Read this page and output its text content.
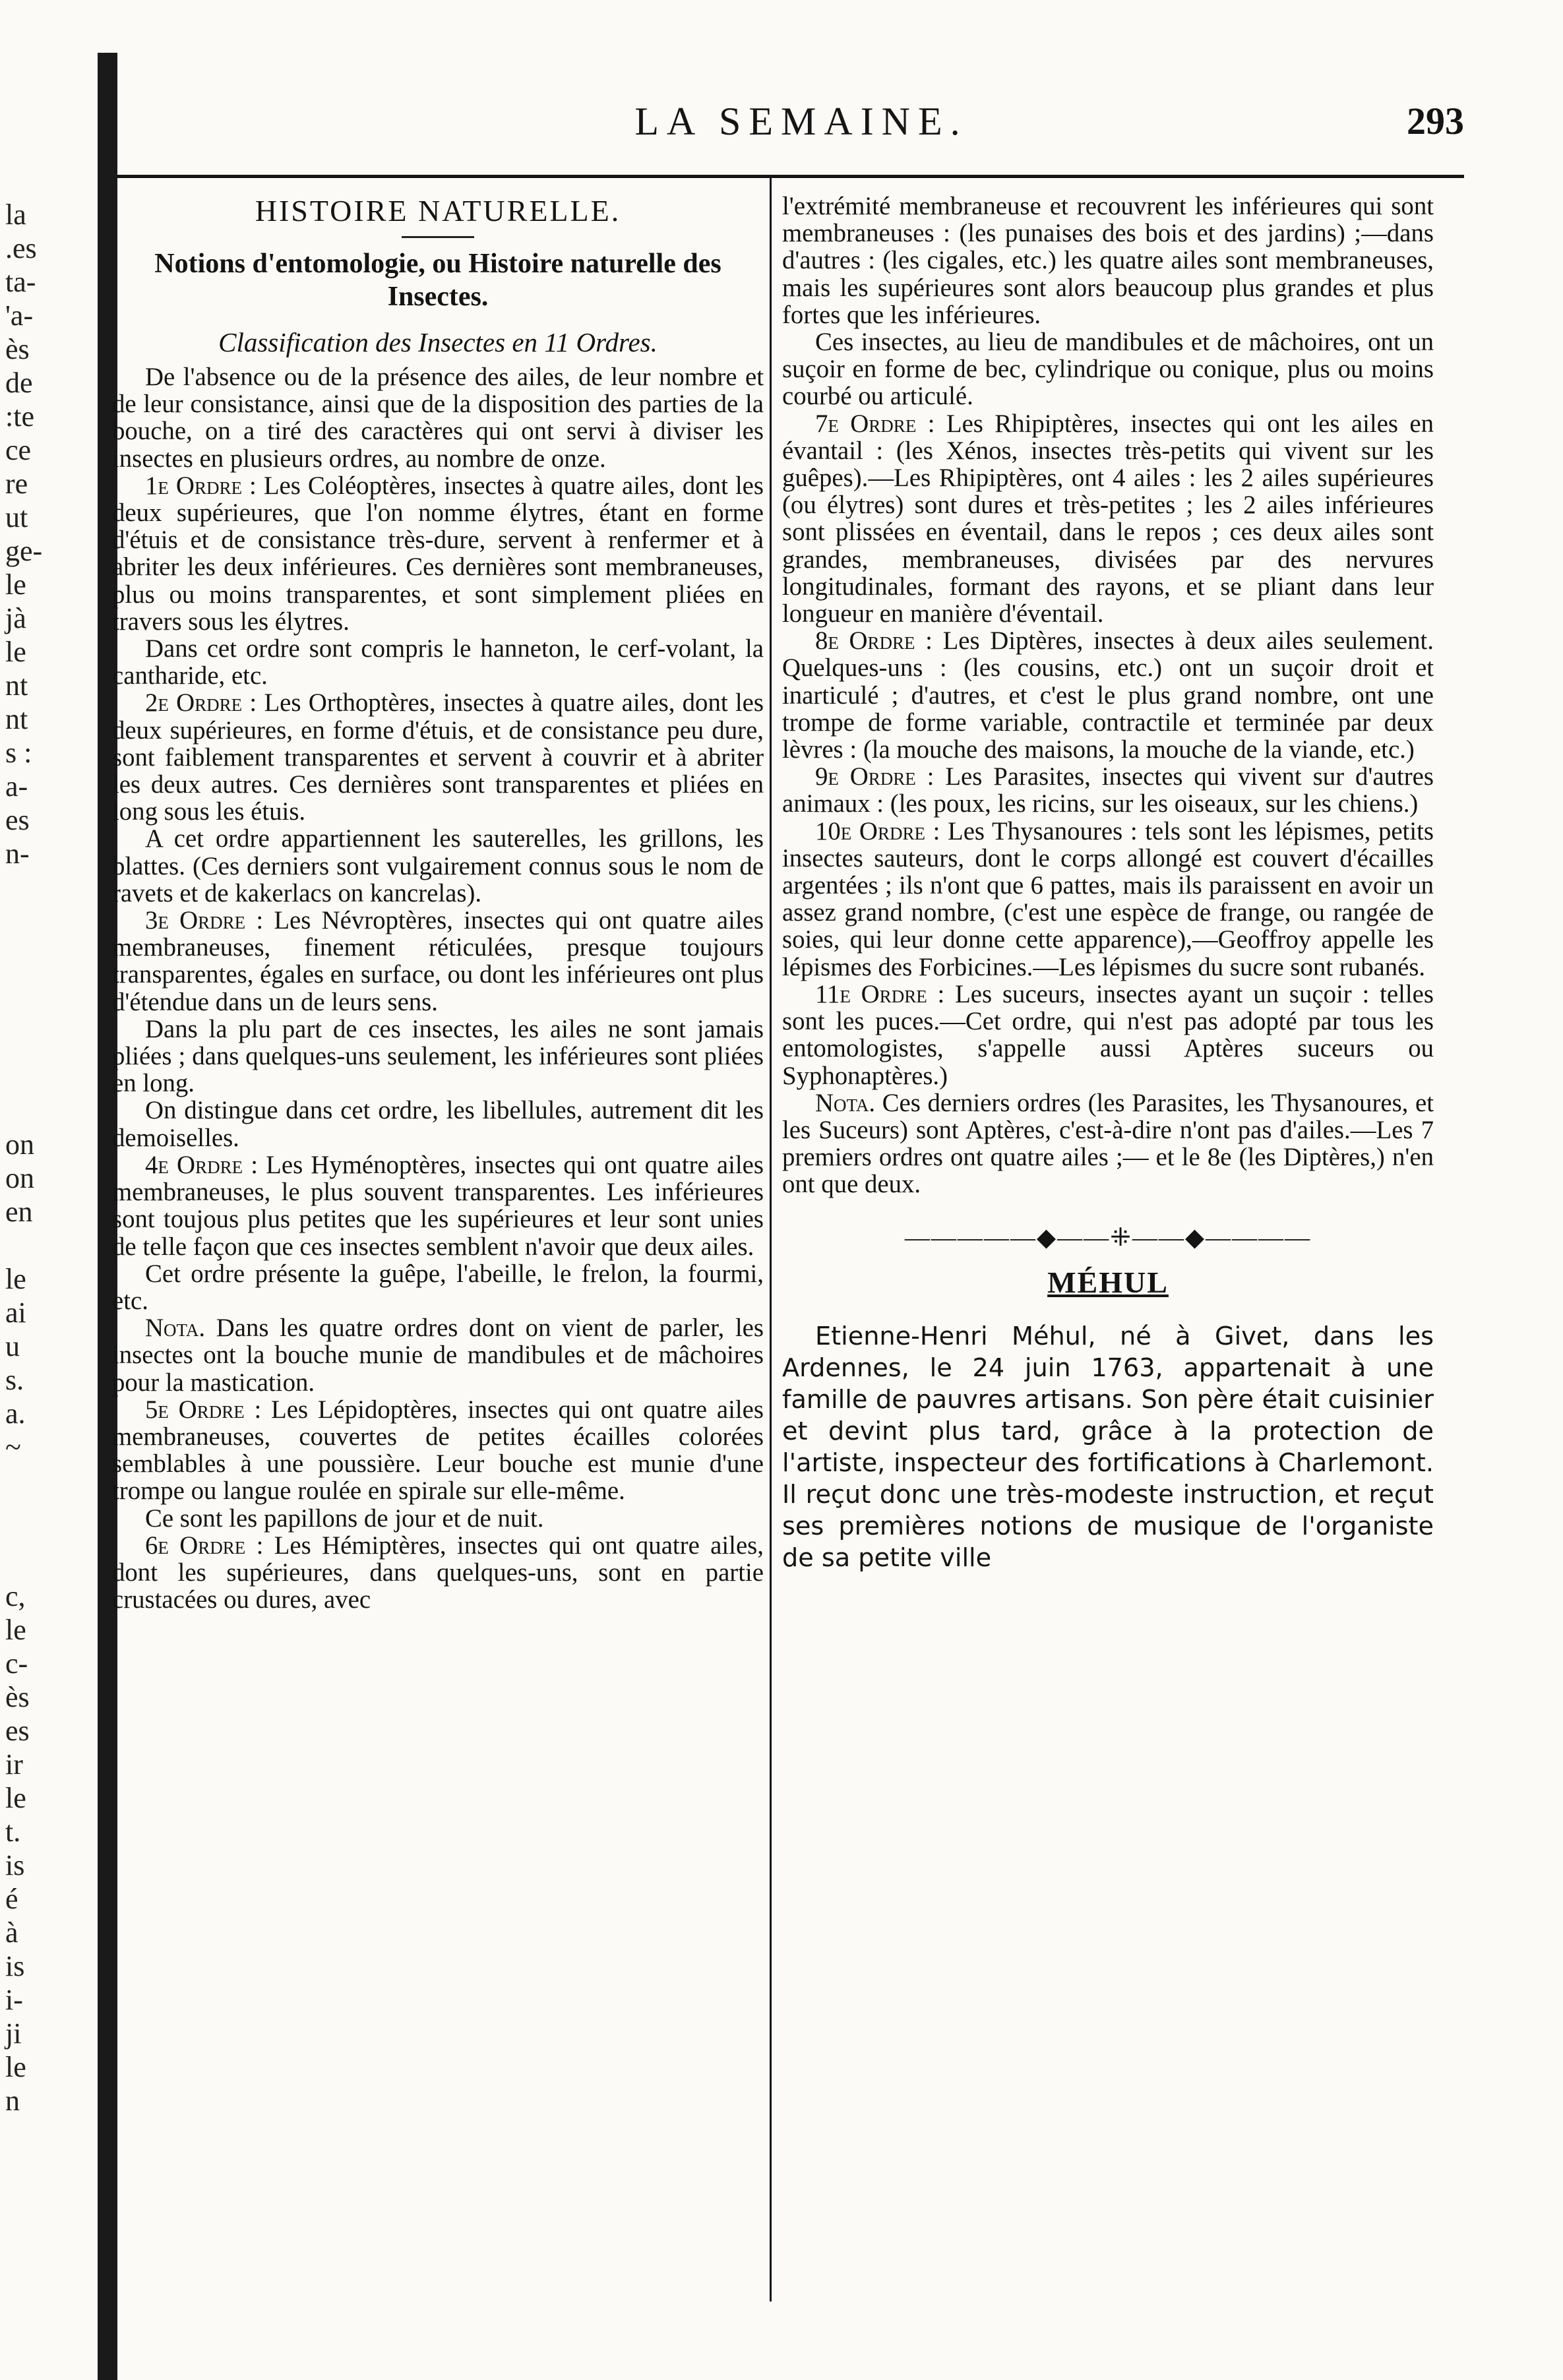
la
.es
ta-
'a-
ès
de
:te
ce
re
ut
ge-
le
jà
le
nt
nt
s :
a-
es
n-
on
on
en
le
ai
u
s.
a.
~
c,
le
c-
ès
es
ir
le
t.
is
é
à
is
i-
ji
le
n
LA SEMAINE.	293
HISTOIRE NATURELLE.
Notions d'entomologie, ou Histoire naturelle des Insectes.
Classification des Insectes en 11 Ordres.

De l'absence ou de la présence des ailes, de leur nombre et de leur consistance, ainsi que de la disposition des parties de la bouche, on a tiré des caractères qui ont servi à diviser les insectes en plusieurs ordres, au nombre de onze.

1e Ordre : Les Coléoptères, insectes à quatre ailes, dont les deux supérieures, que l'on nomme élytres, étant en forme d'étuis et de consistance très-dure, servent à renfermer et à abriter les deux inférieures. Ces dernières sont membraneuses, plus ou moins transparentes, et sont simplement pliées en travers sous les élytres.

Dans cet ordre sont compris le hanneton, le cerf-volant, la cantharide, etc.

2e Ordre : Les Orthoptères, insectes à quatre ailes, dont les deux supérieures, en forme d'étuis, et de consistance peu dure, sont faiblement transparentes et servent à couvrir et à abriter les deux autres. Ces dernières sont transparentes et pliées en long sous les étuis.

A cet ordre appartiennent les sauterelles, les grillons, les blattes. (Ces derniers sont vulgairement connus sous le nom de ravets et de kakerlacs on kancrelas).

3e Ordre : Les Névroptères, insectes qui ont quatre ailes membraneuses, finement réticulées, presque toujours transparentes, égales en surface, ou dont les inférieures ont plus d'étendue dans un de leurs sens.

Dans la plu part de ces insectes, les ailes ne sont jamais pliées ; dans quelques-uns seulement, les inférieures sont pliées en long.

On distingue dans cet ordre, les libellules, autrement dit les demoiselles.

4e Ordre : Les Hyménoptères, insectes qui ont quatre ailes membraneuses, le plus souvent transparentes. Les inférieures sont toujous plus petites que les supérieures et leur sont unies de telle façon que ces insectes semblent n'avoir que deux ailes.

Cet ordre présente la guêpe, l'abeille, le frelon, la fourmi, etc.

Nota. Dans les quatre ordres dont on vient de parler, les insectes ont la bouche munie de mandibules et de mâchoires pour la mastication.

5e Ordre : Les Lépidoptères, insectes qui ont quatre ailes membraneuses, couvertes de petites écailles colorées semblables à une poussière. Leur bouche est munie d'une trompe ou langue roulée en spirale sur elle-même.

Ce sont les papillons de jour et de nuit.

6e Ordre : Les Hémiptères, insectes qui ont quatre ailes, dont les supérieures, dans quelques-uns, sont en partie crustacées ou dures, avec

l'extrémité membraneuse et recouvrent les inférieures qui sont membraneuses : (les punaises des bois et des jardins) ;—dans d'autres : (les cigales, etc.) les quatre ailes sont membraneuses, mais les supérieures sont alors beaucoup plus grandes et plus fortes que les inférieures.

Ces insectes, au lieu de mandibules et de mâchoires, ont un suçoir en forme de bec, cylindrique ou conique, plus ou moins courbé ou articulé.

7e Ordre : Les Rhipiptères, insectes qui ont les ailes en évantail : (les Xénos, insectes très-petits qui vivent sur les guêpes).—Les Rhipiptères, ont 4 ailes : les 2 ailes supérieures (ou élytres) sont dures et très-petites ; les 2 ailes inférieures sont plissées en éventail, dans le repos ; ces deux ailes sont grandes, membraneuses, divisées par des nervures longitudinales, formant des rayons, et se pliant dans leur longueur en manière d'éventail.

8e Ordre : Les Diptères, insectes à deux ailes seulement. Quelques-uns : (les cousins, etc.) ont un suçoir droit et inarticulé ; d'autres, et c'est le plus grand nombre, ont une trompe de forme variable, contractile et terminée par deux lèvres : (la mouche des maisons, la mouche de la viande, etc.)

9e Ordre : Les Parasites, insectes qui vivent sur d'autres animaux : (les poux, les ricins, sur les oiseaux, sur les chiens.)

10e Ordre : Les Thysanoures : tels sont les lépismes, petits insectes sauteurs, dont le corps allongé est couvert d'écailles argentées ; ils n'ont que 6 pattes, mais ils paraissent en avoir un assez grand nombre, (c'est une espèce de frange, ou rangée de soies, qui leur donne cette apparence),—Geoffroy appelle les lépismes des Forbicines.—Les lépismes du sucre sont rubanés.

11e Ordre : Les suceurs, insectes ayant un suçoir : telles sont les puces.—Cet ordre, qui n'est pas adopté par tous les entomologistes, s'appelle aussi Aptères suceurs ou Syphonaptères.)

Nota. Ces derniers ordres (les Parasites, les Thysanoures, et les Suceurs) sont Aptères, c'est-à-dire n'ont pas d'ailes.—Les 7 premiers ordres ont quatre ailes ;— et le 8e (les Diptères,) n'en ont que deux.

—————◆——⁜——◆————
MÉHUL

Etienne-Henri Méhul, né à Givet, dans les Ardennes, le 24 juin 1763, appartenait à une famille de pauvres artisans. Son père était cuisinier et devint plus tard, grâce à la protection de l'artiste, inspecteur des fortifications à Charlemont. Il reçut donc une très-modeste instruction, et reçut ses premières notions de musique de l'organiste de sa petite ville
